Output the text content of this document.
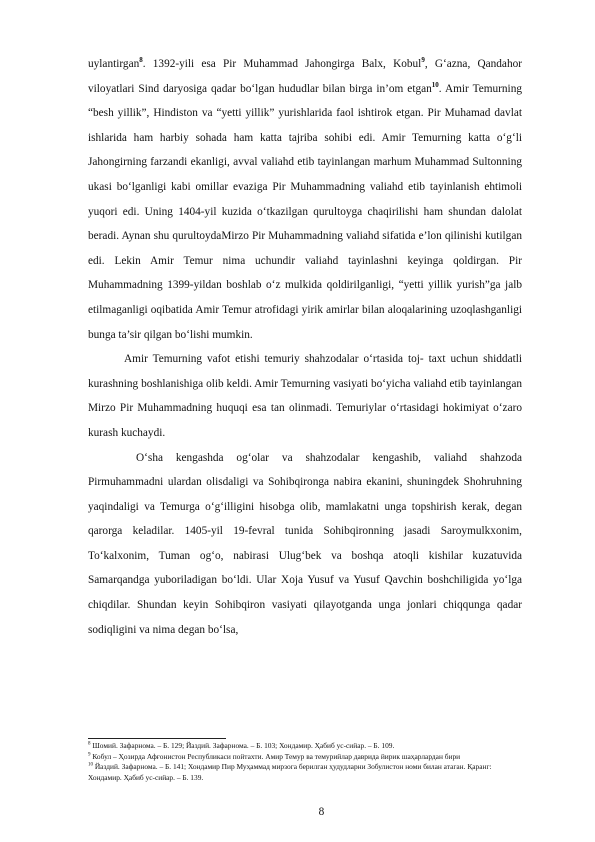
uylantirgan$^8$. 1392-yili esa Pir Muhammad Jahongirga Balx, Kobul$^9$, G‘azna, Qandahor viloyatlari Sind daryosiga qadar bo‘lgan hududlar bilan birga in’om etgan$^{10}$. Amir Temurning “besh yillik”, Hindiston va “yetti yillik” yurishlarida faol ishtirok etgan. Pir Muhamad davlat ishlarida ham harbiy sohada ham katta tajriba sohibi edi. Amir Temurning katta o‘g‘li Jahongirning farzandi ekanligi, avval valiahd etib tayinlangan marhum Muhammad Sultonning ukasi bo‘lganligi kabi omillar evaziga Pir Muhammadning valiahd etib tayinlanish ehtimoli yuqori edi. Uning 1404-yil kuzida o‘tkazilgan qurultoyga chaqirilishi ham shundan dalolat beradi. Aynan shu qurultoydaMirzo Pir Muhammadning valiahd sifatida e’lon qilinishi kutilgan edi. Lekin Amir Temur nima uchundir valiahd tayinlashni keyinga qoldirgan. Pir Muhammadning 1399-yildan boshlab o‘z mulkida qoldirilganligi, “yetti yillik yurish”ga jalb etilmaganligi oqibatida Amir Temur atrofidagi yirik amirlar bilan aloqalarining uzoqlashganligi bunga ta’sir qilgan bo‘lishi mumkin.

Amir Temurning vafot etishi temuriy shahzodalar o‘rtasida toj- taxt uchun shiddatli kurashning boshlanishiga olib keldi. Amir Temurning vasiyati bo‘yicha valiahd etib tayinlangan Mirzo Pir Muhammadning huquqi esa tan olinmadi. Temuriylar o‘rtasidagi hokimiyat o‘zaro kurash kuchaydi.

O‘sha kengashda og‘olar va shahzodalar kengashib, valiahd shahzoda Pirmuhammadni ulardan olisdaligi va Sohibqironga nabira ekanini, shuningdek Shohruhning yaqindaligi va Temurga o‘g‘illigini hisobga olib, mamlakatni unga topshirish kerak, degan qarorga keladilar. 1405-yil 19-fevral tunida Sohibqironning jasadi Saroymulkxonim, To‘kalxonim, Tuman og‘o, nabirasi Ulug‘bek va boshqa atoqli kishilar kuzatuvida Samarqandga yuboriladigan bo‘ldi. Ular Xoja Yusuf va Yusuf Qavchin boshchiligida yo‘lga chiqdilar. Shundan keyin Sohibqiron vasiyati qilayotganda unga jonlari chiqqunga qadar sodiqligini va nima degan bo‘lsa,

$^8$ Шомий. Зафарнома. – Б. 129; Йаздий. Зафарнома. – Б. 103; Хондамир. Ҳабиб ус-сийар. – Б. 109.

$^9$ Кобул – Ҳозирда Афғонистон Республикаси пойтахти. Амир Темур ва темурийлар даврида йирик шаҳарлардан бири

$^{10}$ Йаздий. Зафарнома. – Б. 141; Хондамир Пир Муҳаммад мирзога берилган ҳудудларни Зобулистон номи билан атаган. Қаранг: Хондамир. Ҳабиб ус-сийар. – Б. 139.

8
